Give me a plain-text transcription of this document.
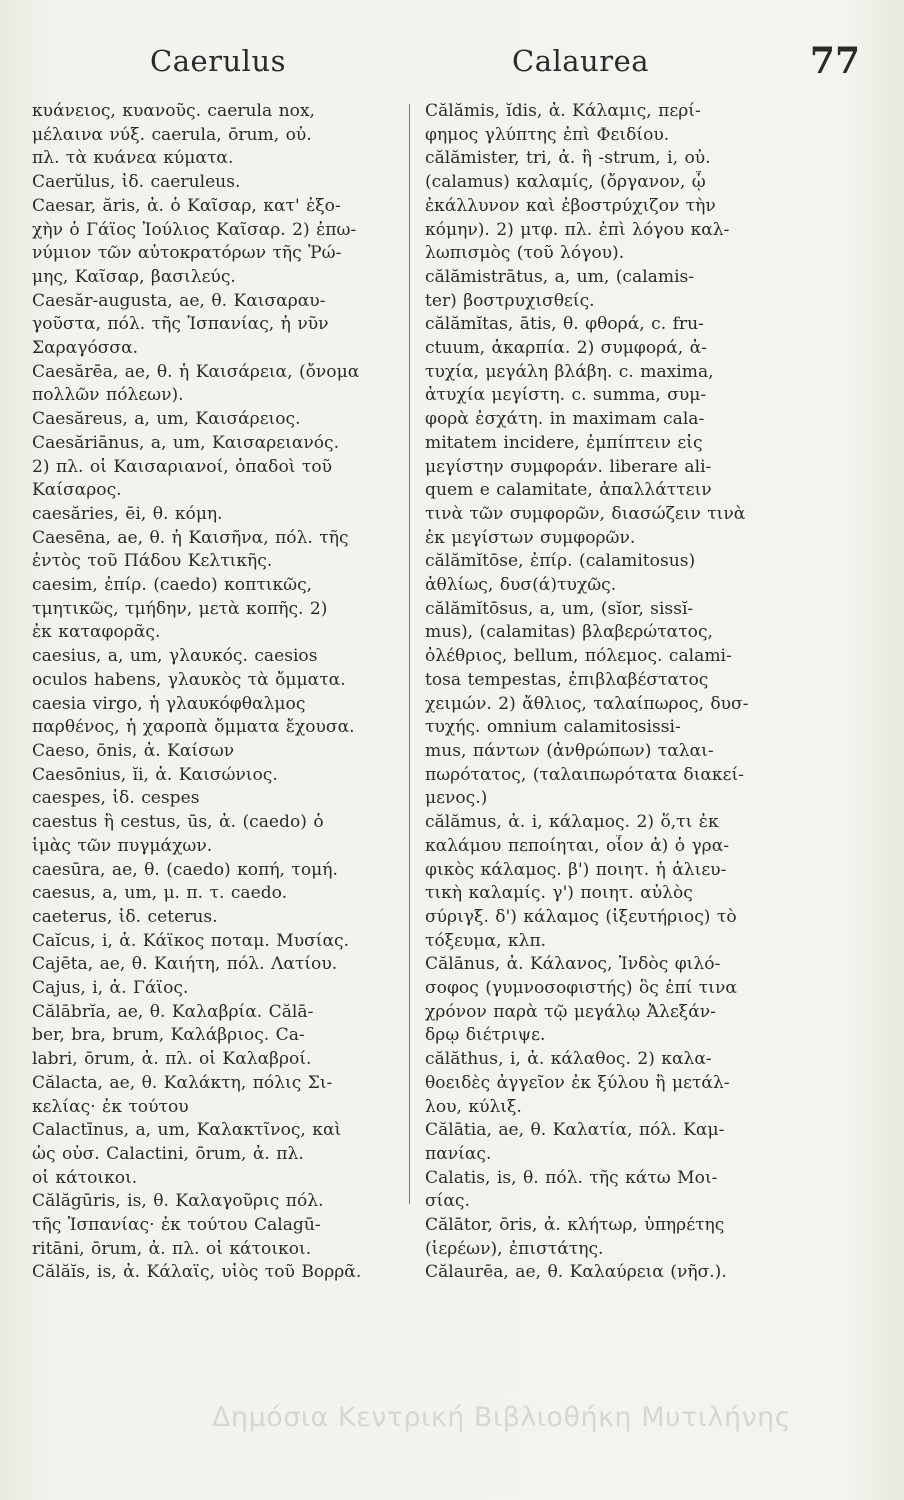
Caerulus	Calaurea	77
κυάνειος, κυανοῦς. caerula nox,
μέλαινα νύξ. caerula, ōrum, οὐ.
πλ. τὰ κυάνεα κύματα.
Caerŭlus, ἰδ. caeruleus.
Caesar, ăris, ἀ. ὁ Καῖσαρ, κατ' ἐξο-
χὴν ὁ Γάϊος Ἰούλιος Καῖσαρ. 2) ἐπω-
νύμιον τῶν αὐτοκρατόρων τῆς Ῥώ-
μης, Καῖσαρ, βασιλεύς.
Caesăr-augusta, ae, θ. Καισαραυ-
γοῦστα, πόλ. τῆς Ἱσπανίας, ἡ νῦν
Σαραγόσσα.
Caesărēa, ae, θ. ἡ Καισάρεια, (ὄνομα
πολλῶν πόλεων).
Caesăreus, a, um, Καισάρειος.
Caesăriānus, a, um, Καισαρειανός.
2) πλ. οἱ Καισαριανοί, ὀπαδοὶ τοῦ
Καίσαρος.
caesăries, ēi, θ. κόμη.
Caesēna, ae, θ. ἡ Καισῆνα, πόλ. τῆς
ἐντὸς τοῦ Πάδου Κελτικῆς.
caesim, ἐπίρ. (caedo) κοπτικῶς,
τμητικῶς, τμήδην, μετὰ κοπῆς. 2)
ἐκ καταφορᾶς.
caesius, a, um, γλαυκός. caesios
oculos habens, γλαυκὸς τὰ ὄμματα.
caesia virgo, ἡ γλαυκόφθαλμος
παρθένος, ἡ χαροπὰ ὄμματα ἔχουσα.
Caeso, ōnis, ἀ. Καίσων
Caesōnius, ĭi, ἀ. Καισώνιος.
caespes, ἰδ. cespes
caestus ἢ cestus, ūs, ἀ. (caedo) ὁ
ἱμὰς τῶν πυγμάχων.
caesūra, ae, θ. (caedo) κοπή, τομή.
caesus, a, um, μ. π. τ. caedo.
caeterus, ἰδ. ceterus.
Caĭcus, i, ἀ. Κάϊκος ποταμ. Μυσίας.
Cajēta, ae, θ. Καιήτη, πόλ. Λατίου.
Cajus, i, ἀ. Γάϊος.
Călābrĭa, ae, θ. Καλαβρία. Călā-
ber, bra, brum, Καλάβριος. Ca-
labri, ōrum, ἀ. πλ. οἱ Καλαβροί.
Călacta, ae, θ. Καλάκτη, πόλις Σι-
κελίας· ἐκ τούτου
Calactīnus, a, um, Καλακτῖνος, καὶ
ὡς οὐσ. Calactini, ōrum, ἀ. πλ.
οἱ κάτοικοι.
Călăgūris, is, θ. Καλαγοῦρις πόλ.
τῆς Ἱσπανίας· ἐκ τούτου Calagū-
ritāni, ōrum, ἀ. πλ. οἱ κάτοικοι.
Călăĭs, is, ἀ. Κάλαϊς, υἱὸς τοῦ Βορρᾶ.
Călămis, ĭdis, ἀ. Κάλαμις, περί-
φημος γλύπτης ἐπὶ Φειδίου.
călămister, tri, ἀ. ἢ -strum, i, οὐ.
(calamus) καλαμίς, (ὄργανον, ᾧ
ἐκάλλυνον καὶ ἐβοστρύχιζον τὴν
κόμην). 2) μτφ. πλ. ἐπὶ λόγου καλ-
λωπισμὸς (τοῦ λόγου).
călămistrātus, a, um, (calamis-
ter) βοστρυχισθείς.
călămĭtas, ātis, θ. φθορά, c. fru-
ctuum, ἀκαρπία. 2) συμφορά, ἀ-
τυχία, μεγάλη βλάβη. c. maxima,
ἀτυχία μεγίστη. c. summa, συμ-
φορὰ ἐσχάτη. in maximam cala-
mitatem incidere, ἐμπίπτειν εἰς
μεγίστην συμφοράν. liberare ali-
quem e calamitate, ἀπαλλάττειν
τινὰ τῶν συμφορῶν, διασώζειν τινὰ
ἐκ μεγίστων συμφορῶν.
călămĭtōse, ἐπίρ. (calamitosus)
ἀθλίως, δυσ(ά)τυχῶς.
călămĭtōsus, a, um, (sĭor, sissĭ-
mus), (calamitas) βλαβερώτατος,
ὀλέθριος, bellum, πόλεμος. calami-
tosa tempestas, ἐπιβλαβέστατος
χειμών. 2) ἄθλιος, ταλαίπωρος, δυσ-
τυχής. omnium calamitosissi-
mus, πάντων (ἀνθρώπων) ταλαι-
πωρότατος, (ταλαιπωρότατα διακεί-
μενος.)
călămus, ἀ. i, κάλαμος. 2) ὅ,τι ἐκ
καλάμου πεποίηται, οἷον ἀ) ὁ γρα-
φικὸς κάλαμος. β') ποιητ. ἡ ἁλιευ-
τικὴ καλαμίς. γ') ποιητ. αὐλὸς
σύριγξ. δ') κάλαμος (ἰξευτήριος) τὸ
τόξευμα, κλπ.
Călānus, ἀ. Κάλανος, Ἰνδὸς φιλό-
σοφος (γυμνοσοφιστής) ὃς ἐπί τινα
χρόνον παρὰ τῷ μεγάλῳ Ἀλεξάν-
δρῳ διέτριψε.
călăthus, i, ἀ. κάλαθος. 2) καλα-
θοειδὲς ἀγγεῖον ἐκ ξύλου ἢ μετάλ-
λου, κύλιξ.
Călātia, ae, θ. Καλατία, πόλ. Καμ-
πανίας.
Calatis, is, θ. πόλ. τῆς κάτω Μοι-
σίας.
Călātor, ōris, ἀ. κλήτωρ, ὑπηρέτης
(ἱερέων), ἐπιστάτης.
Călaurēa, ae, θ. Καλαύρεια (νῆσ.).
Δημόσια Κεντρική Βιβλιοθήκη Μυτιλήνης
